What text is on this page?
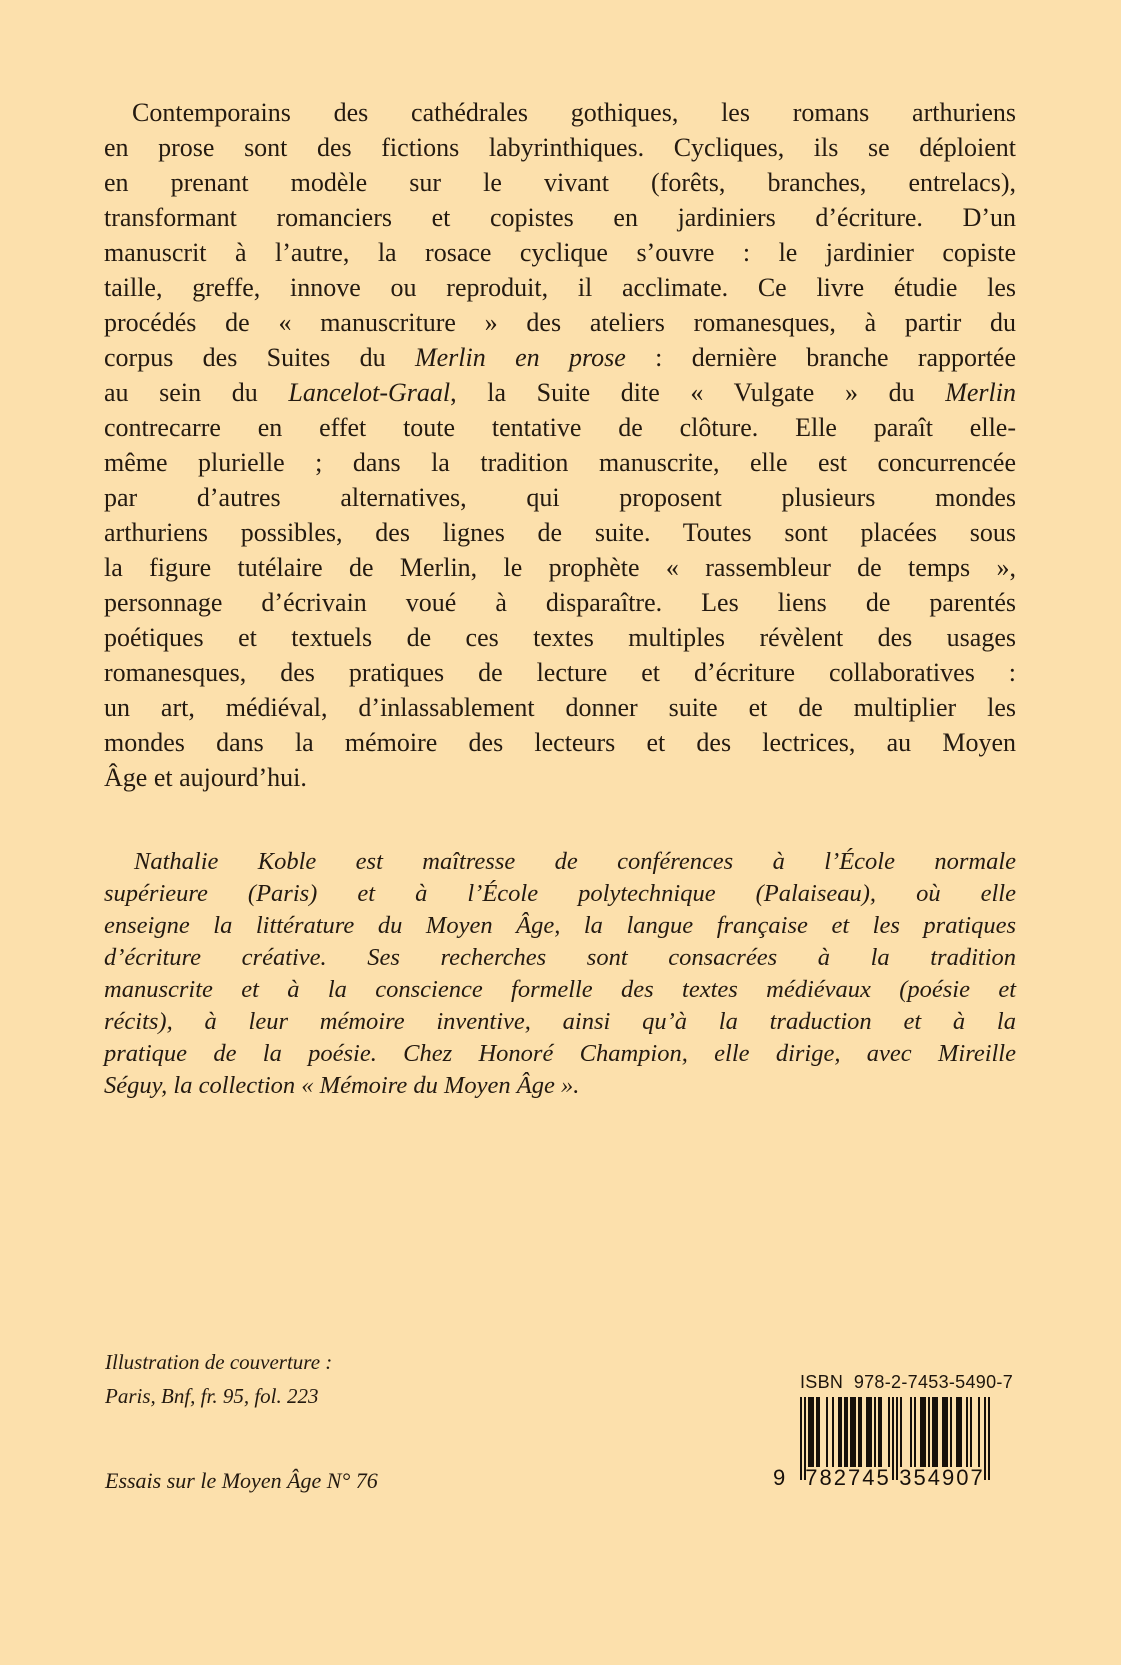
Contemporains des cathédrales gothiques, les romans arthuriens
en prose sont des fictions labyrinthiques. Cycliques, ils se déploient
en prenant modèle sur le vivant (forêts, branches, entrelacs),
transformant romanciers et copistes en jardiniers d’écriture. D’un
manuscrit à l’autre, la rosace cyclique s’ouvre : le jardinier copiste
taille, greffe, innove ou reproduit, il acclimate. Ce livre étudie les
procédés de « manuscriture » des ateliers romanesques, à partir du
corpus des Suites du Merlin en prose : dernière branche rapportée
au sein du Lancelot-Graal, la Suite dite « Vulgate » du Merlin
contrecarre en effet toute tentative de clôture. Elle paraît elle-
même plurielle ; dans la tradition manuscrite, elle est concurrencée
par d’autres alternatives, qui proposent plusieurs mondes
arthuriens possibles, des lignes de suite. Toutes sont placées sous
la figure tutélaire de Merlin, le prophète « rassembleur de temps »,
personnage d’écrivain voué à disparaître. Les liens de parentés
poétiques et textuels de ces textes multiples révèlent des usages
romanesques, des pratiques de lecture et d’écriture collaboratives :
un art, médiéval, d’inlassablement donner suite et de multiplier les
mondes dans la mémoire des lecteurs et des lectrices, au Moyen
Âge et aujourd’hui.
Nathalie Koble est maîtresse de conférences à l’École normale
supérieure (Paris) et à l’École polytechnique (Palaiseau), où elle
enseigne la littérature du Moyen Âge, la langue française et les pratiques
d’écriture créative. Ses recherches sont consacrées à la tradition
manuscrite et à la conscience formelle des textes médiévaux (poésie et
récits), à leur mémoire inventive, ainsi qu’à la traduction et à la
pratique de la poésie. Chez Honoré Champion, elle dirige, avec Mireille
Séguy, la collection « Mémoire du Moyen Âge ».
Illustration de couverture :
Paris, Bnf, fr. 95, fol. 223
Essais sur le Moyen Âge N° 76
ISBN  978-2-7453-5490-7
9 782745 354907
